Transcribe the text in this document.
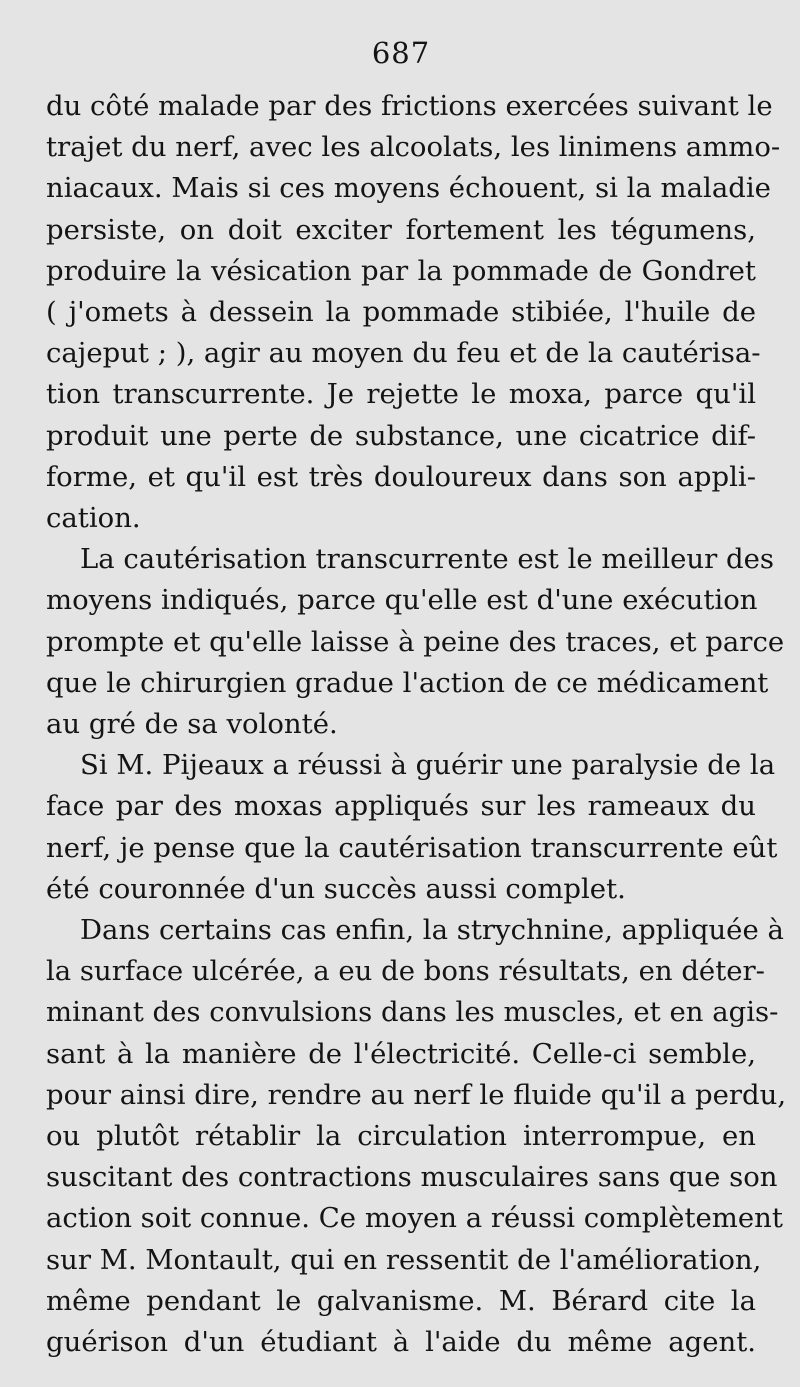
687

du côté malade par des frictions exercées suivant le
trajet du nerf, avec les alcoolats, les linimens ammo-
niacaux. Mais si ces moyens échouent, si la maladie
persiste, on doit exciter fortement les tégumens,
produire la vésication par la pommade de Gondret
( j'omets à dessein la pommade stibiée, l'huile de
cajeput ; ), agir au moyen du feu et de la cautérisa-
tion transcurrente. Je rejette le moxa, parce qu'il
produit une perte de substance, une cicatrice dif-
forme, et qu'il est très douloureux dans son appli-
cation.

La cautérisation transcurrente est le meilleur des
moyens indiqués, parce qu'elle est d'une exécution
prompte et qu'elle laisse à peine des traces, et parce
que le chirurgien gradue l'action de ce médicament
au gré de sa volonté.

Si M. Pijeaux a réussi à guérir une paralysie de la
face par des moxas appliqués sur les rameaux du
nerf, je pense que la cautérisation transcurrente eût
été couronnée d'un succès aussi complet.

Dans certains cas enfin, la strychnine, appliquée à
la surface ulcérée, a eu de bons résultats, en déter-
minant des convulsions dans les muscles, et en agis-
sant à la manière de l'électricité. Celle-ci semble,
pour ainsi dire, rendre au nerf le fluide qu'il a perdu,
ou plutôt rétablir la circulation interrompue, en
suscitant des contractions musculaires sans que son
action soit connue. Ce moyen a réussi complètement
sur M. Montault, qui en ressentit de l'amélioration,
même pendant le galvanisme. M. Bérard cite la
guérison d'un étudiant à l'aide du même agent.
